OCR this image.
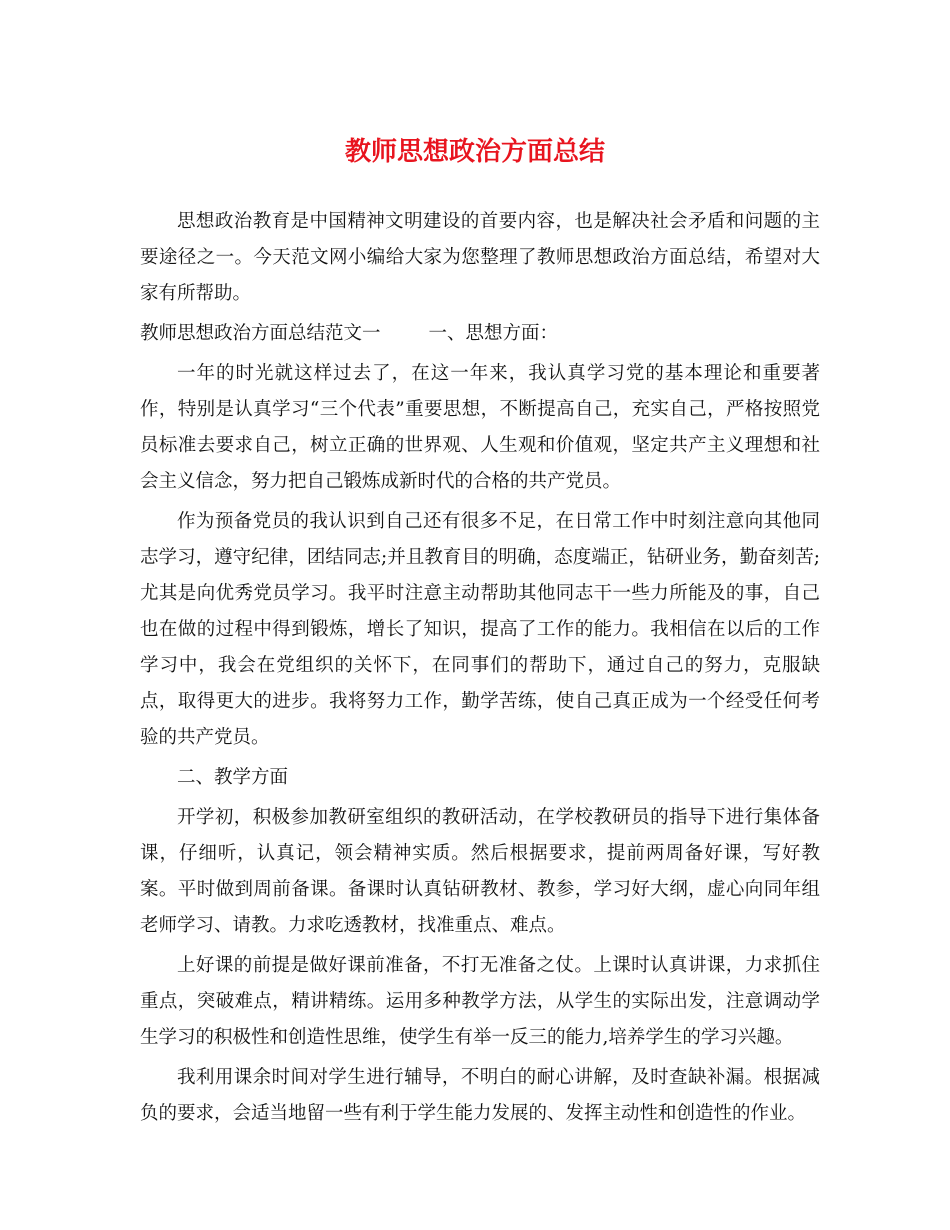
教师思想政治方面总结

思想政治教育是中国精神文明建设的首要内容，也是解决社会矛盾和问题的主要途径之一。今天范文网小编给大家为您整理了教师思想政治方面总结，希望对大家有所帮助。

教师思想政治方面总结范文一	一、思想方面：

一年的时光就这样过去了，在这一年来，我认真学习党的基本理论和重要著作，特别是认真学习“三个代表”重要思想，不断提高自己，充实自己，严格按照党员标准去要求自己，树立正确的世界观、人生观和价值观，坚定共产主义理想和社会主义信念，努力把自己锻炼成新时代的合格的共产党员。

作为预备党员的我认识到自己还有很多不足，在日常工作中时刻注意向其他同志学习，遵守纪律，团结同志;并且教育目的明确，态度端正，钻研业务，勤奋刻苦;尤其是向优秀党员学习。我平时注意主动帮助其他同志干一些力所能及的事，自己也在做的过程中得到锻炼，增长了知识，提高了工作的能力。我相信在以后的工作学习中，我会在党组织的关怀下，在同事们的帮助下，通过自己的努力，克服缺点，取得更大的进步。我将努力工作，勤学苦练，使自己真正成为一个经受任何考验的共产党员。

二、教学方面

开学初，积极参加教研室组织的教研活动，在学校教研员的指导下进行集体备课，仔细听，认真记，领会精神实质。然后根据要求，提前两周备好课，写好教案。平时做到周前备课。备课时认真钻研教材、教参，学习好大纲，虚心向同年组老师学习、请教。力求吃透教材，找准重点、难点。

上好课的前提是做好课前准备，不打无准备之仗。上课时认真讲课，力求抓住重点，突破难点，精讲精练。运用多种教学方法，从学生的实际出发，注意调动学生学习的积极性和创造性思维，使学生有举一反三的能力,培养学生的学习兴趣。

我利用课余时间对学生进行辅导，不明白的耐心讲解，及时查缺补漏。根据减负的要求，会适当地留一些有利于学生能力发展的、发挥主动性和创造性的作业。
